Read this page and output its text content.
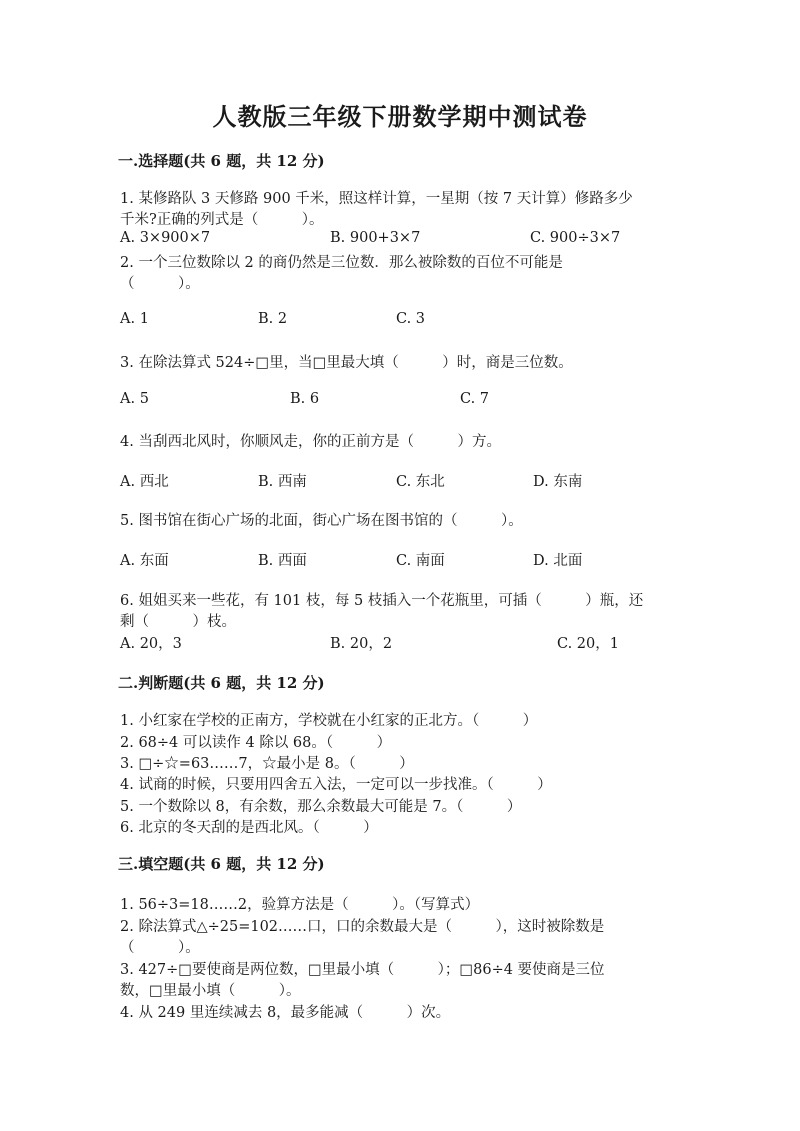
人教版三年级下册数学期中测试卷
一.选择题(共 6 题，共 12 分)
1. 某修路队 3 天修路 900 千米，照这样计算，一星期（按 7 天计算）修路多少
千米?正确的列式是（　　　）。
A. 3×900×7	B. 900+3×7	C. 900÷3×7
2. 一个三位数除以 2 的商仍然是三位数．那么被除数的百位不可能是
（　　　）。
A. 1	B. 2	C. 3
3. 在除法算式 524÷□里，当□里最大填（　　　）时，商是三位数。
A. 5	B. 6	C. 7
4. 当刮西北风时，你顺风走，你的正前方是（　　　）方。
A. 西北	B. 西南	C. 东北	D. 东南
5. 图书馆在街心广场的北面，街心广场在图书馆的（　　　）。
A. 东面	B. 西面	C. 南面	D. 北面
6. 姐姐买来一些花，有 101 枝，每 5 枝插入一个花瓶里，可插（　　　）瓶，还
剩（　　　）枝。
A. 20，3	B. 20，2	C. 20，1
二.判断题(共 6 题，共 12 分)
1. 小红家在学校的正南方，学校就在小红家的正北方。（　　　）
2. 68÷4 可以读作 4 除以 68。（　　　）
3. □÷☆=63……7，☆最小是 8。（　　　）
4. 试商的时候，只要用四舍五入法，一定可以一步找准。（　　　）
5. 一个数除以 8，有余数，那么余数最大可能是 7。（　　　）
6. 北京的冬天刮的是西北风。（　　　）
三.填空题(共 6 题，共 12 分)
1. 56÷3=18……2，验算方法是（　　　）。（写算式）
2. 除法算式△÷25=102……口，口的余数最大是（　　　），这时被除数是
（　　　）。
3. 427÷□要使商是两位数，□里最小填（　　　）；□86÷4 要使商是三位
数，□里最小填（　　　）。
4. 从 249 里连续减去 8，最多能减（　　　）次。
